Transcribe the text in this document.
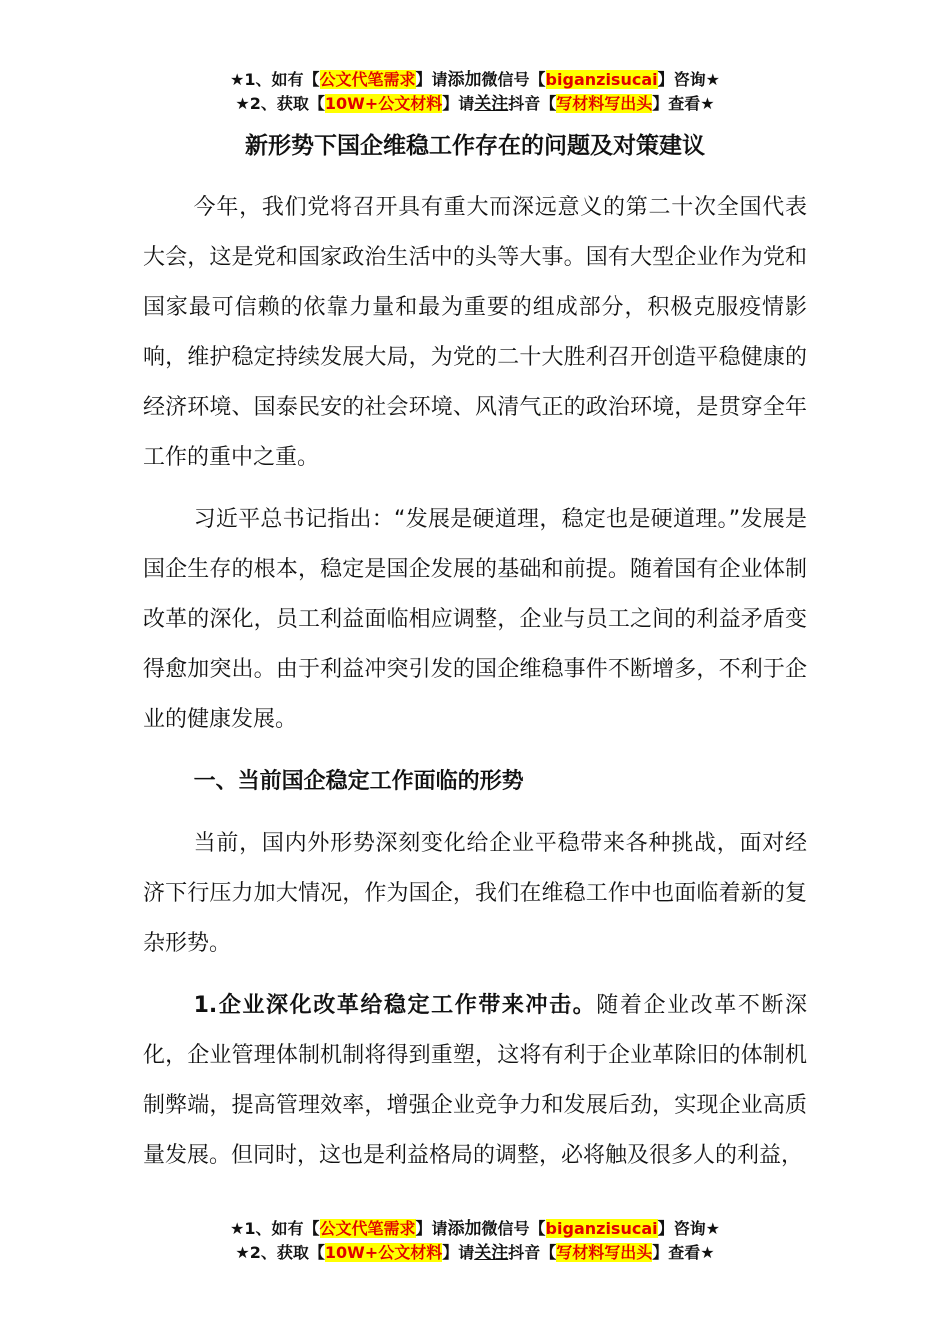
★1、如有【公文代笔需求】请添加微信号【biganzisucai】咨询★
★2、获取【10W+公文材料】请关注抖音【写材料写出头】查看★
新形势下国企维稳工作存在的问题及对策建议

今年，我们党将召开具有重大而深远意义的第二十次全国代表大会，这是党和国家政治生活中的头等大事。国有大型企业作为党和国家最可信赖的依靠力量和最为重要的组成部分，积极克服疫情影响，维护稳定持续发展大局，为党的二十大胜利召开创造平稳健康的经济环境、国泰民安的社会环境、风清气正的政治环境，是贯穿全年工作的重中之重。

习近平总书记指出：“发展是硬道理，稳定也是硬道理。”发展是国企生存的根本，稳定是国企发展的基础和前提。随着国有企业体制改革的深化，员工利益面临相应调整，企业与员工之间的利益矛盾变得愈加突出。由于利益冲突引发的国企维稳事件不断增多，不利于企业的健康发展。

一、当前国企稳定工作面临的形势

当前，国内外形势深刻变化给企业平稳带来各种挑战，面对经济下行压力加大情况，作为国企，我们在维稳工作中也面临着新的复杂形势。

1.企业深化改革给稳定工作带来冲击。随着企业改革不断深化，企业管理体制机制将得到重塑，这将有利于企业革除旧的体制机制弊端，提高管理效率，增强企业竞争力和发展后劲，实现企业高质量发展。但同时，这也是利益格局的调整，必将触及很多人的利益，

★1、如有【公文代笔需求】请添加微信号【biganzisucai】咨询★
★2、获取【10W+公文材料】请关注抖音【写材料写出头】查看★
